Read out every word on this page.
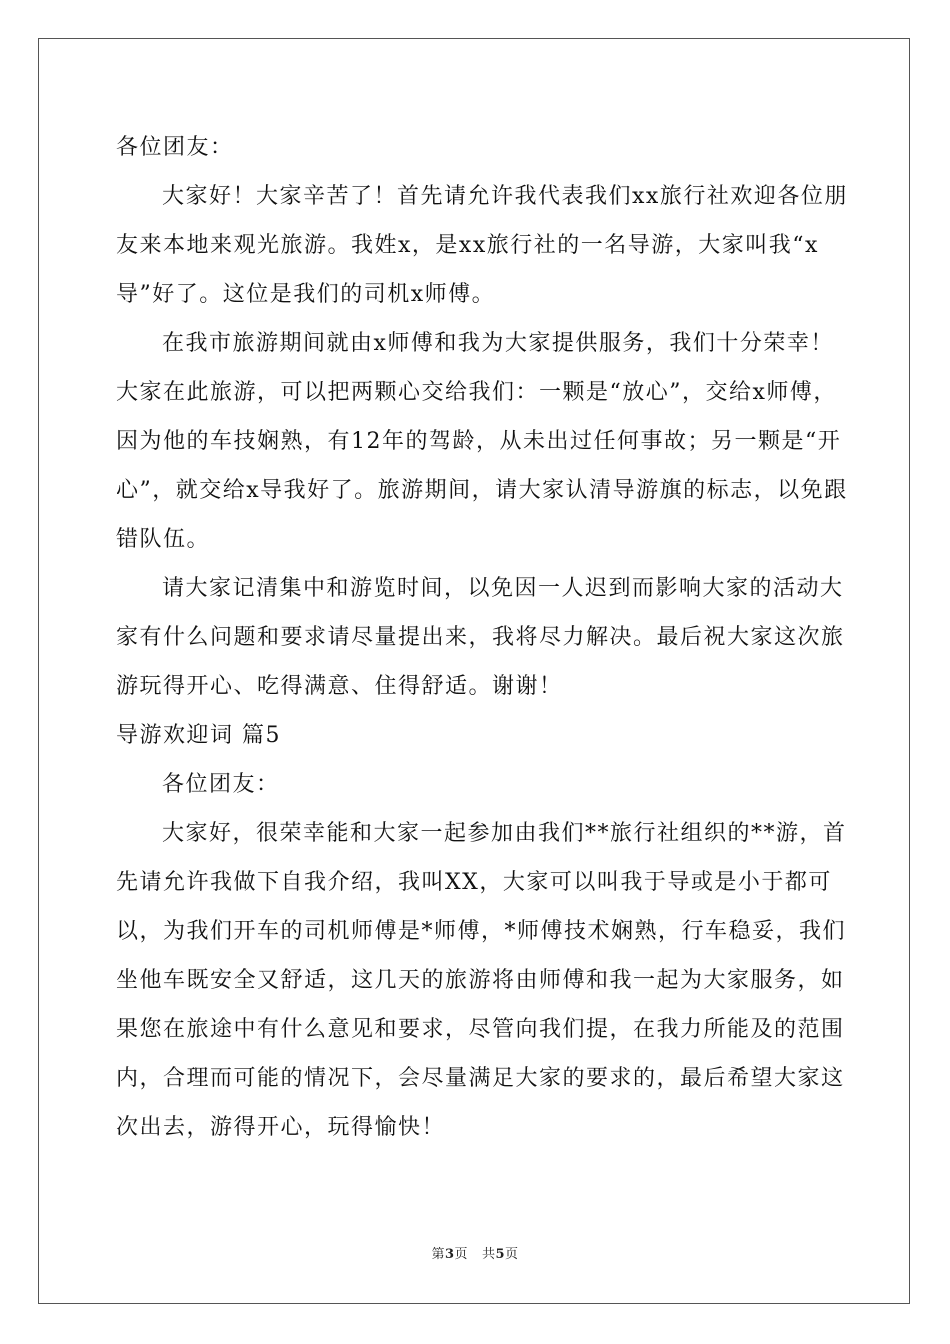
各位团友：

大家好！大家辛苦了！首先请允许我代表我们xx旅行社欢迎各位朋友来本地来观光旅游。我姓x，是xx旅行社的一名导游，大家叫我“x导”好了。这位是我们的司机x师傅。

在我市旅游期间就由x师傅和我为大家提供服务，我们十分荣幸！大家在此旅游，可以把两颗心交给我们：一颗是“放心”，交给x师傅，因为他的车技娴熟，有12年的驾龄，从未出过任何事故；另一颗是“开心”，就交给x导我好了。旅游期间，请大家认清导游旗的标志，以免跟错队伍。

请大家记清集中和游览时间，以免因一人迟到而影响大家的活动大家有什么问题和要求请尽量提出来，我将尽力解决。最后祝大家这次旅游玩得开心、吃得满意、住得舒适。谢谢！

导游欢迎词 篇5

各位团友：

大家好，很荣幸能和大家一起参加由我们**旅行社组织的**游，首先请允许我做下自我介绍，我叫XX，大家可以叫我于导或是小于都可以，为我们开车的司机师傅是*师傅，*师傅技术娴熟，行车稳妥，我们坐他车既安全又舒适，这几天的旅游将由师傅和我一起为大家服务，如果您在旅途中有什么意见和要求，尽管向我们提，在我力所能及的范围内，合理而可能的情况下，会尽量满足大家的要求的，最后希望大家这次出去，游得开心，玩得愉快！

第3页 共5页
